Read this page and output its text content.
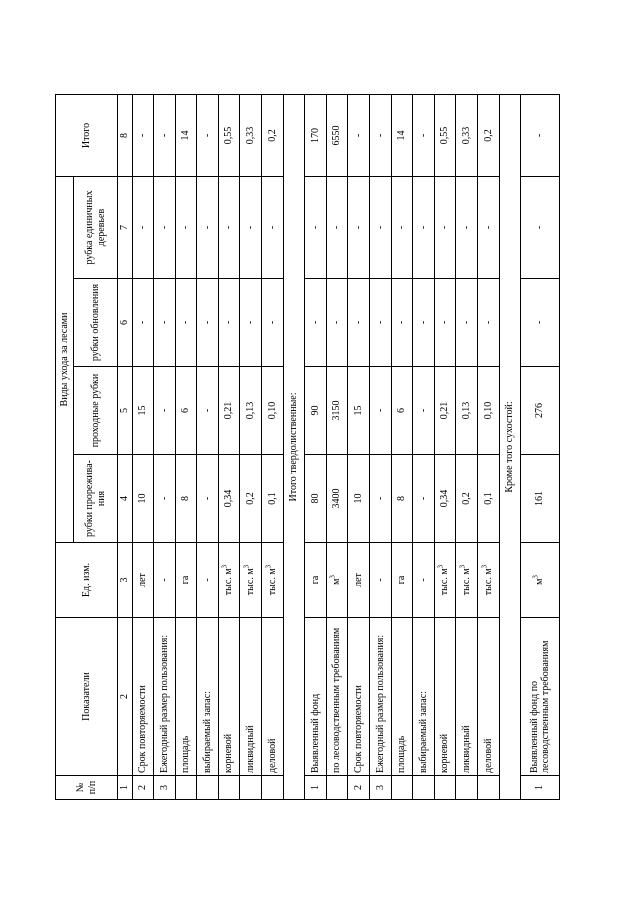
№ п/п	Показатели	Ед. изм.	Виды ухода за лесами				Итого
			рубки прорежива-ния	проходные рубки	рубки обновления	рубка единичных деревьев	
1	2	3	4	5	6	7	8
2	Срок повторяемости	лет	10	15	-	-	-
3	Ежегодный размер пользования:	-	-	-	-	-	-
	площадь	га	8	6	-	-	14
	выбираемый запас:	-	-	-	-	-	-
	корневой	тыс. $м^3$	0,34	0,21	-	-	0,55
	ликвидный	тыс. $м^3$	0,2	0,13	-	-	0,33
	деловой	тыс. $м^3$	0,1	0,10	-	-	0,2
Итого твердолиственные:							
1	Выявленный фонд	га	80	90	-	-	170
	по лесоводственным требованиям	$м^3$	3400	3150	-	-	6550
2	Срок повторяемости	лет	10	15	-	-	-
3	Ежегодный размер пользования:	-	-	-	-	-	-
	площадь	га	8	6	-	-	14
	выбираемый запас:	-	-	-	-	-	-
	корневой	тыс. $м^3$	0,34	0,21	-	-	0,55
	ликвидный	тыс. $м^3$	0,2	0,13	-	-	0,33
	деловой	тыс. $м^3$	0,1	0,10	-	-	0,2
Кроме того сухостой:							
1	Выявленный фонд по лесоводственным требованиям	$м^3$	161	276	-	-	-
